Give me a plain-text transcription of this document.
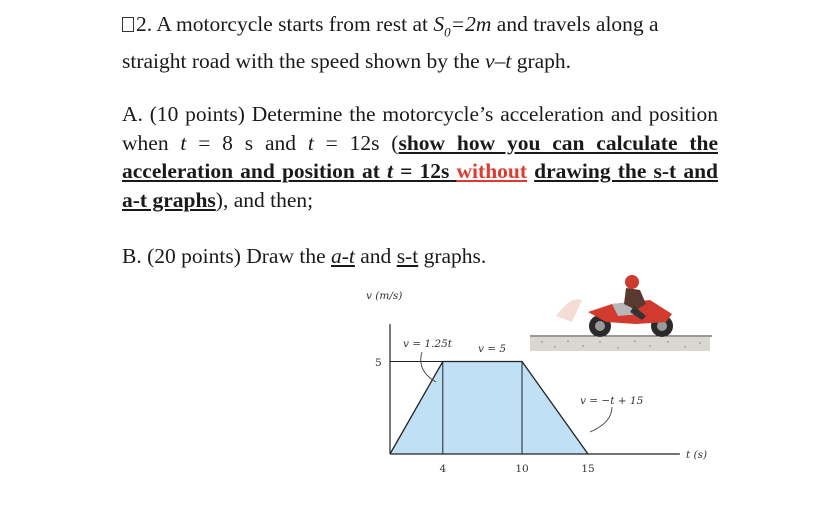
2. A motorcycle starts from rest at $S_0=2m$ and travels along a straight road with the speed shown by the v–t graph.

A. (10 points) Determine the motorcycle’s acceleration and position when t = 8 s and t = 12s (show how you can calculate the acceleration and position at t = 12s without drawing the s-t and a-t graphs), and then;

B. (20 points) Draw the a-t and s-t graphs.

v (m/s)
t (s)
v = 1.25t v = 5
v = −t + 15
5
4	10	15
